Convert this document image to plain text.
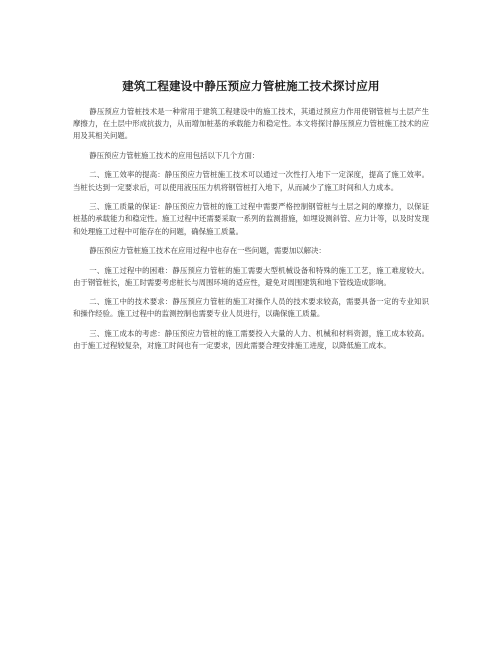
建筑工程建设中静压预应力管桩施工技术探讨应用

静压预应力管桩技术是一种常用于建筑工程建设中的施工技术，其通过预应力作用使钢管桩与土层产生摩擦力，在土层中形成抗拔力，从而增加桩基的承载能力和稳定性。本文将探讨静压预应力管桩施工技术的应用及其相关问题。

静压预应力管桩施工技术的应用包括以下几个方面：

二、施工效率的提高：静压预应力管桩施工技术可以通过一次性打入地下一定深度，提高了施工效率。当桩长达到一定要求后，可以使用液压压力机将钢管桩打入地下，从而减少了施工时间和人力成本。

三、施工质量的保证：静压预应力管桩的施工过程中需要严格控制钢管桩与土层之间的摩擦力，以保证桩基的承载能力和稳定性。施工过程中还需要采取一系列的监测措施，如埋设测斜管、应力计等，以及时发现和处理施工过程中可能存在的问题，确保施工质量。

静压预应力管桩施工技术在应用过程中也存在一些问题，需要加以解决：

一、施工过程中的困难：静压预应力管桩的施工需要大型机械设备和特殊的施工工艺，施工难度较大。由于钢管桩长，施工时需要考虑桩长与周围环境的适应性，避免对周围建筑和地下管线造成影响。

二、施工中的技术要求：静压预应力管桩的施工对操作人员的技术要求较高，需要具备一定的专业知识和操作经验。施工过程中的监测控制也需要专业人员进行，以确保施工质量。

三、施工成本的考虑：静压预应力管桩的施工需要投入大量的人力、机械和材料资源，施工成本较高。由于施工过程较复杂，对施工时间也有一定要求，因此需要合理安排施工进度，以降低施工成本。
